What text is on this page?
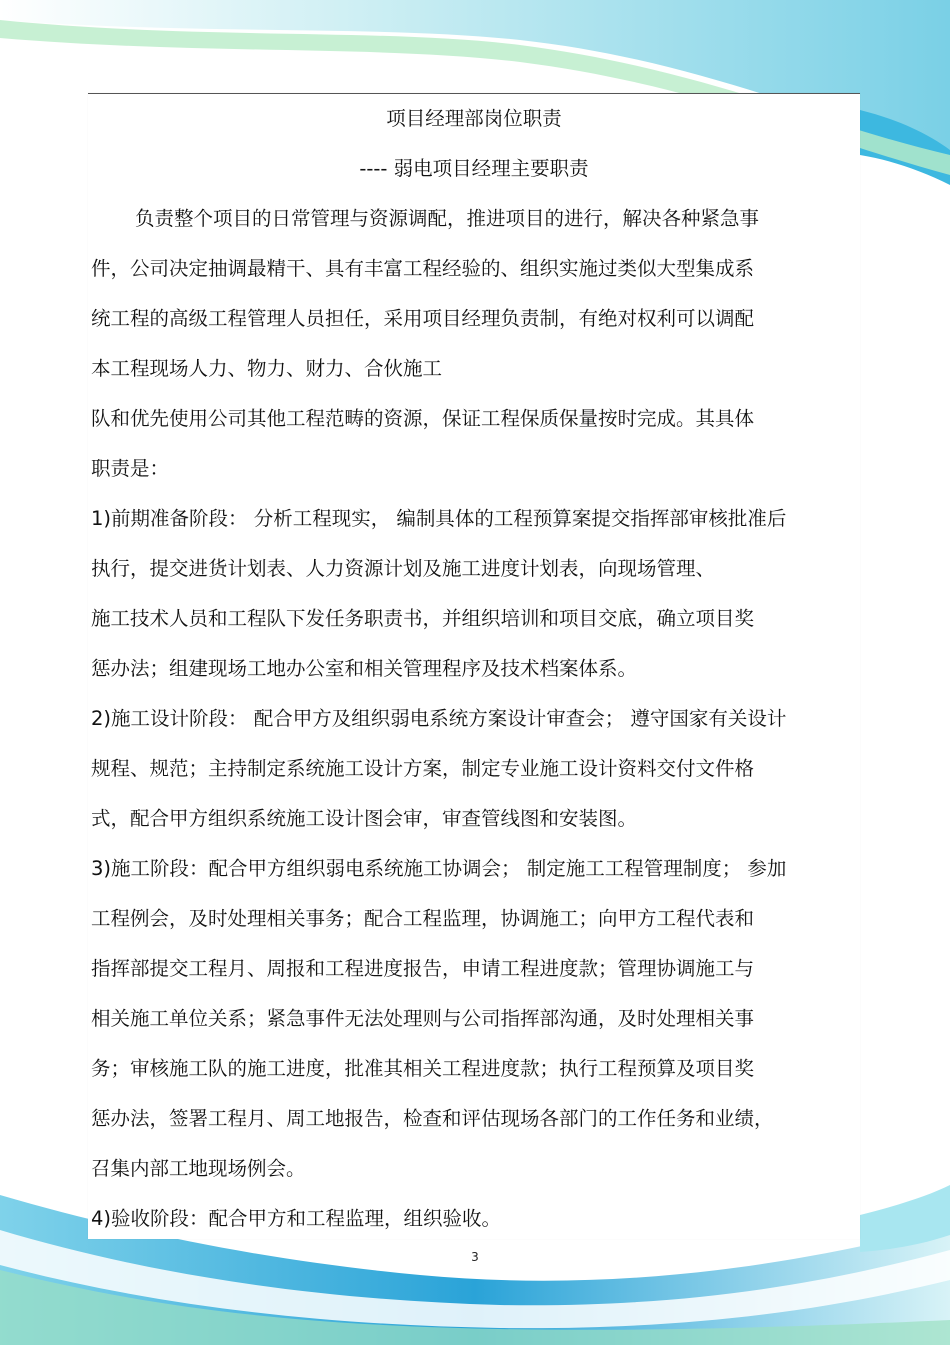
项目经理部岗位职责
---- 弱电项目经理主要职责
负责整个项目的日常管理与资源调配，推进项目的进行，解决各种紧急事
件，公司决定抽调最精干、具有丰富工程经验的、组织实施过类似大型集成系
统工程的高级工程管理人员担任，采用项目经理负责制，有绝对权利可以调配
本工程现场人力、物力、财力、合伙施工
队和优先使用公司其他工程范畴的资源，保证工程保质保量按时完成。其具体
职责是：
1)前期准备阶段： 分析工程现实， 编制具体的工程预算案提交指挥部审核批准后
执行，提交进货计划表、人力资源计划及施工进度计划表，向现场管理、
施工技术人员和工程队下发任务职责书，并组织培训和项目交底，确立项目奖
惩办法；组建现场工地办公室和相关管理程序及技术档案体系。
2)施工设计阶段： 配合甲方及组织弱电系统方案设计审查会； 遵守国家有关设计
规程、规范；主持制定系统施工设计方案，制定专业施工设计资料交付文件格
式，配合甲方组织系统施工设计图会审，审查管线图和安装图。
3)施工阶段：配合甲方组织弱电系统施工协调会； 制定施工工程管理制度； 参加
工程例会，及时处理相关事务；配合工程监理，协调施工；向甲方工程代表和
指挥部提交工程月、周报和工程进度报告，申请工程进度款；管理协调施工与
相关施工单位关系；紧急事件无法处理则与公司指挥部沟通，及时处理相关事
务；审核施工队的施工进度，批准其相关工程进度款；执行工程预算及项目奖
惩办法，签署工程月、周工地报告，检查和评估现场各部门的工作任务和业绩，
召集内部工地现场例会。
4)验收阶段：配合甲方和工程监理，组织验收。
3
